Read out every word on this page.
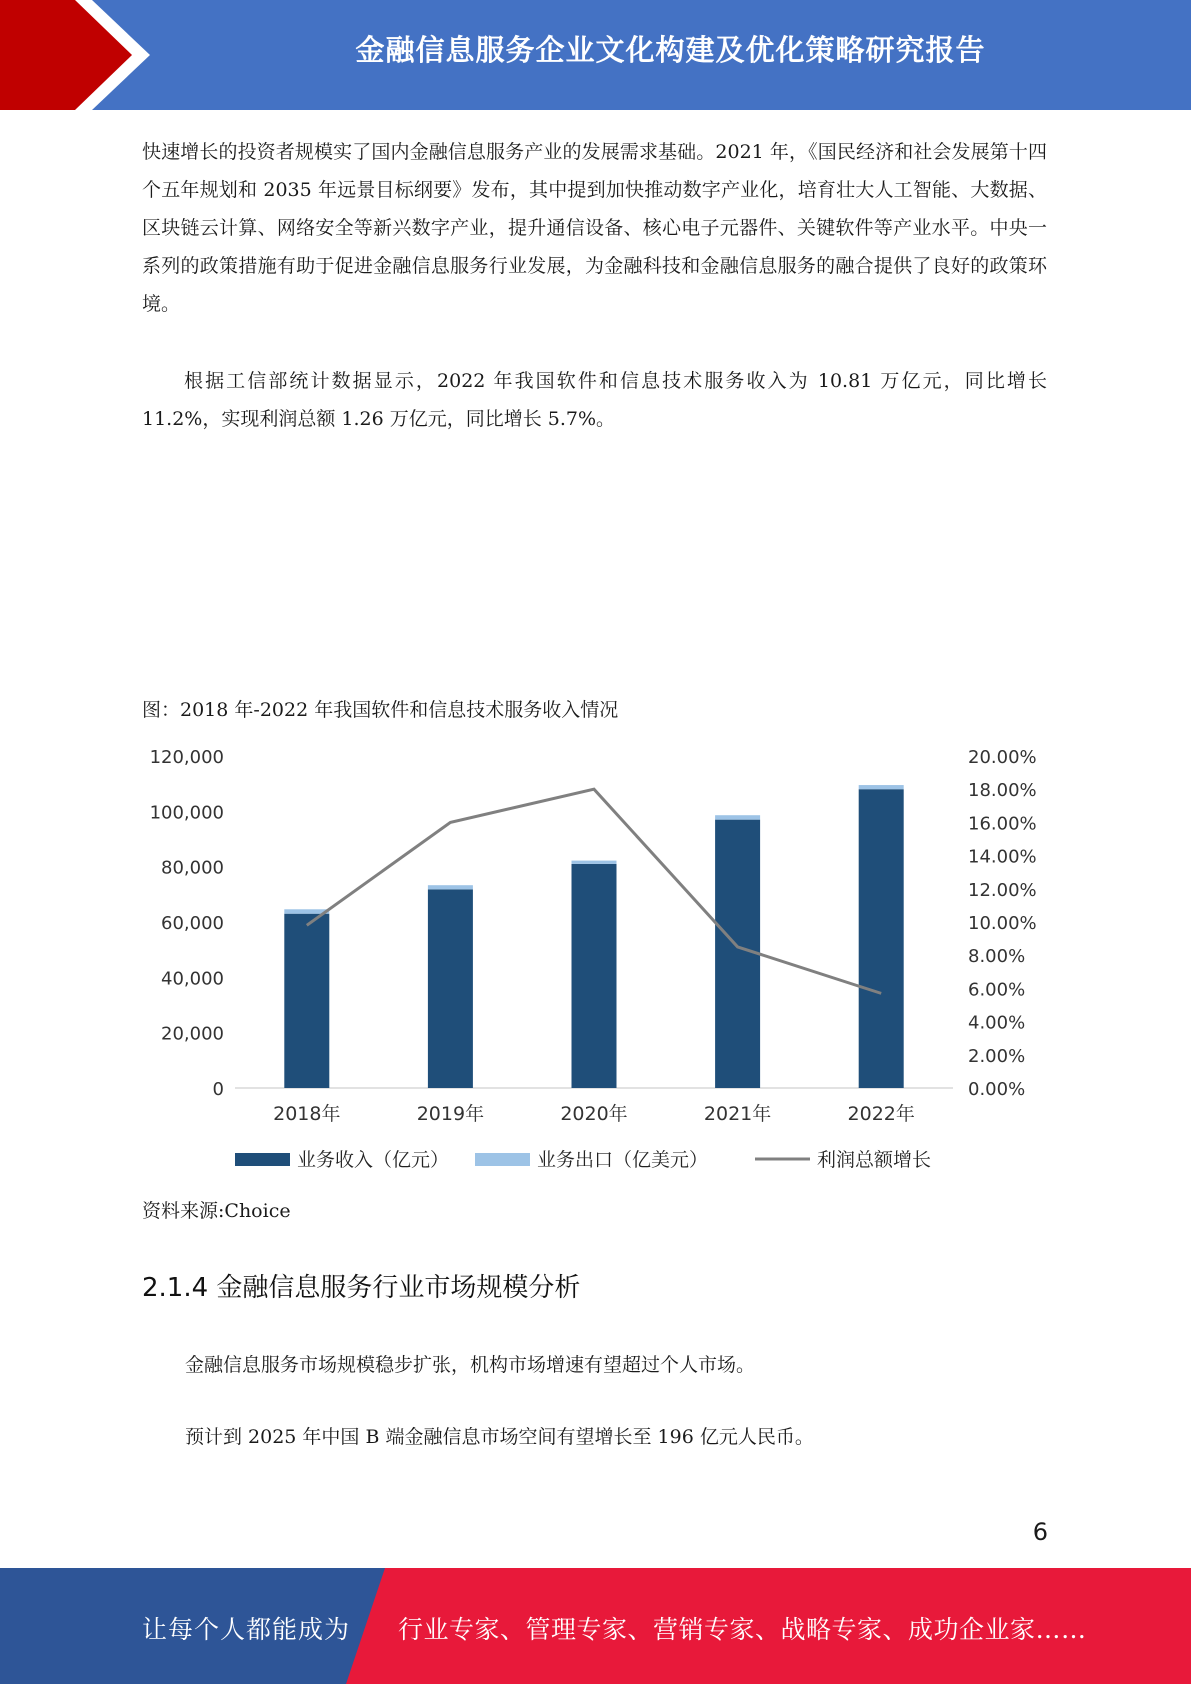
金融信息服务企业文化构建及优化策略研究报告

快速增长的投资者规模实了国内金融信息服务产业的发展需求基础。2021 年，《国民经济和社会发展第十四个五年规划和 2035 年远景目标纲要》发布，其中提到加快推动数字产业化，培育壮大人工智能、大数据、区块链云计算、网络安全等新兴数字产业，提升通信设备、核心电子元器件、关键软件等产业水平。中央一系列的政策措施有助于促进金融信息服务行业发展，为金融科技和金融信息服务的融合提供了良好的政策环境。

根据工信部统计数据显示，2022 年我国软件和信息技术服务收入为 10.81 万亿元，同比增长 11.2%，实现利润总额 1.26 万亿元，同比增长 5.7%。

图：2018 年-2022 年我国软件和信息技术服务收入情况
0
20,000
40,000
60,000
80,000
100,000
120,000
0.00%
2.00%
4.00%
6.00%
8.00%
10.00%
12.00%
14.00%
16.00%
18.00%
20.00%
2018年	2019年	2020年	2021年	2022年
业务收入（亿元）	业务出口（亿美元）	利润总额增长
资料来源:Choice
2.1.4 金融信息服务行业市场规模分析
金融信息服务市场规模稳步扩张，机构市场增速有望超过个人市场。
预计到 2025 年中国 B 端金融信息市场空间有望增长至 196 亿元人民币。
6
让每个人都能成为 行业专家、管理专家、营销专家、战略专家、成功企业家……
